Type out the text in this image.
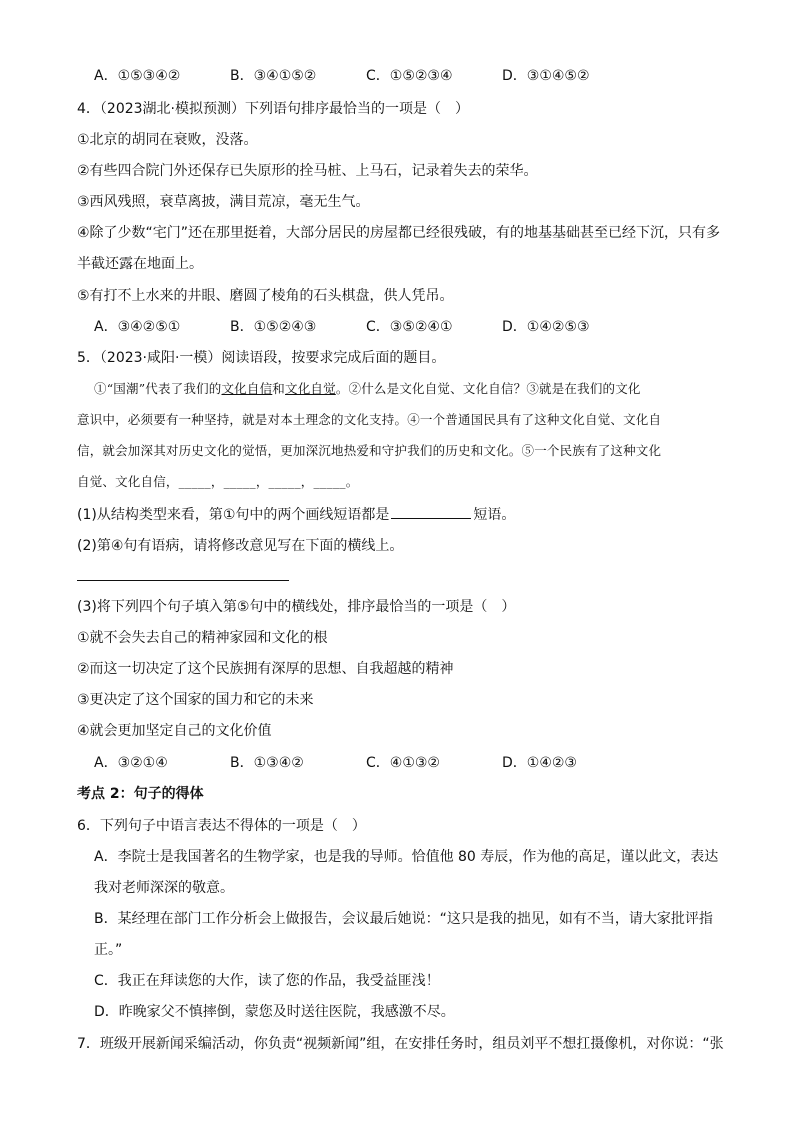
A．①⑤③④②	B．③④①⑤②	C．①⑤②③④	D．③①④⑤②
4．（2023湖北·模拟预测）下列语句排序最恰当的一项是（　）
①北京的胡同在衰败，没落。
②有些四合院门外还保存已失原形的拴马桩、上马石，记录着失去的荣华。
③西风残照，衰草离披，满目荒凉，毫无生气。
④除了少数“宅门”还在那里挺着，大部分居民的房屋都已经很残破，有的地基基础甚至已经下沉，只有多
半截还露在地面上。
⑤有打不上水来的井眼、磨圆了棱角的石头棋盘，供人凭吊。
A．③④②⑤①	B．①⑤②④③	C．③⑤②④①	D．①④②⑤③
5．（2023·咸阳·一模）阅读语段，按要求完成后面的题目。
①“国潮”代表了我们的文化自信和文化自觉。②什么是文化自觉、文化自信？③就是在我们的文化
意识中，必须要有一种坚持，就是对本土理念的文化支持。④一个普通国民具有了这种文化自觉、文化自
信，就会加深其对历史文化的觉悟，更加深沉地热爱和守护我们的历史和文化。⑤一个民族有了这种文化
自觉、文化自信，_____，_____，_____，_____。
(1)从结构类型来看，第①句中的两个画线短语都是	短语。
(2)第④句有语病，请将修改意见写在下面的横线上。
(3)将下列四个句子填入第⑤句中的横线处，排序最恰当的一项是（　）
①就不会失去自己的精神家园和文化的根
②而这一切决定了这个民族拥有深厚的思想、自我超越的精神
③更决定了这个国家的国力和它的未来
④就会更加坚定自己的文化价值
A．③②①④	B．①③④②	C．④①③②	D．①④②③
考点 2：句子的得体
6．下列句子中语言表达不得体的一项是（　）
A．李院士是我国著名的生物学家，也是我的导师。恰值他 80 寿辰，作为他的高足，谨以此文，表达
我对老师深深的敬意。
B．某经理在部门工作分析会上做报告，会议最后她说：“这只是我的拙见，如有不当，请大家批评指
正。”
C．我正在拜读您的大作，读了您的作品，我受益匪浅！
D．昨晚家父不慎摔倒，蒙您及时送往医院，我感激不尽。
7．班级开展新闻采编活动，你负责“视频新闻”组，在安排任务时，组员刘平不想扛摄像机，对你说：“张
